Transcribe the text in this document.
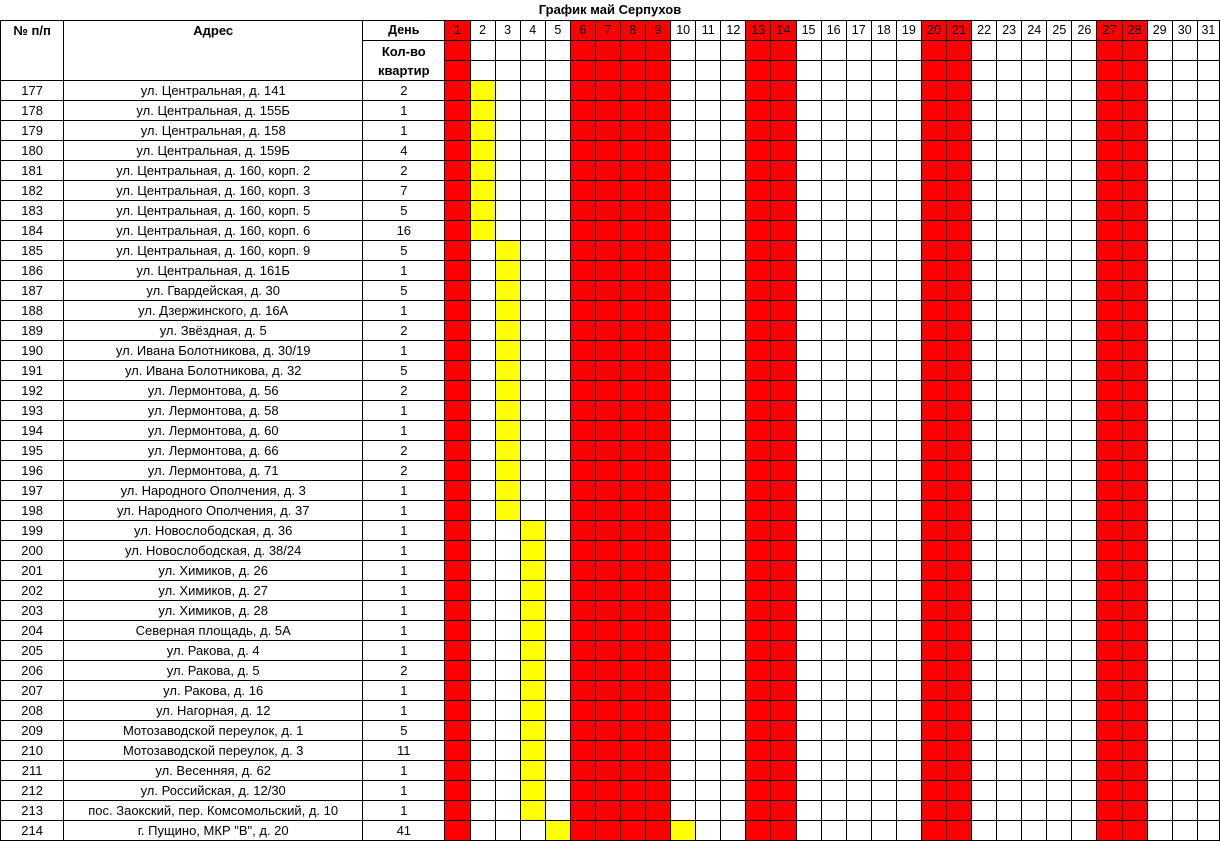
График май Серпухов
№ п/п	Адрес	День	1	2	3	4	5	6	7	8	9	10	11	12	13	14	15	16	17	18	19	20	21	22	23	24	25	26	27	28	29	30	31
		Кол-во квартир																															

177	ул. Центральная, д. 141	2																															
178	ул. Центральная, д. 155Б	1																															
179	ул. Центральная, д. 158	1																															
180	ул. Центральная, д. 159Б	4																															
181	ул. Центральная, д. 160, корп. 2	2																															
182	ул. Центральная, д. 160, корп. 3	7																															
183	ул. Центральная, д. 160, корп. 5	5																															
184	ул. Центральная, д. 160, корп. 6	16																															
185	ул. Центральная, д. 160, корп. 9	5																															
186	ул. Центральная, д. 161Б	1																															
187	ул. Гвардейская, д. 30	5																															
188	ул. Дзержинского, д. 16А	1																															
189	ул. Звёздная, д. 5	2																															
190	ул. Ивана Болотникова, д. 30/19	1																															
191	ул. Ивана Болотникова, д. 32	5																															
192	ул. Лермонтова, д. 56	2																															
193	ул. Лермонтова, д. 58	1																															
194	ул. Лермонтова, д. 60	1																															
195	ул. Лермонтова, д. 66	2																															
196	ул. Лермонтова, д. 71	2																															
197	ул. Народного Ополчения, д. 3	1																															
198	ул. Народного Ополчения, д. 37	1																															
199	ул. Новослободская, д. 36	1																															
200	ул. Новослободская, д. 38/24	1																															
201	ул. Химиков, д. 26	1																															
202	ул. Химиков, д. 27	1																															
203	ул. Химиков, д. 28	1																															
204	Северная площадь, д. 5А	1																															
205	ул. Ракова, д. 4	1																															
206	ул. Ракова, д. 5	2																															
207	ул. Ракова, д. 16	1																															
208	ул. Нагорная, д. 12	1																															
209	Мотозаводской переулок, д. 1	5																															
210	Мотозаводской переулок, д. 3	11																															
211	ул. Весенняя, д. 62	1																															
212	ул. Российская, д. 12/30	1																															
213	пос. Заокский, пер. Комсомольский, д. 10	1																															
214	г. Пущино, МКР "В", д. 20	41																															
